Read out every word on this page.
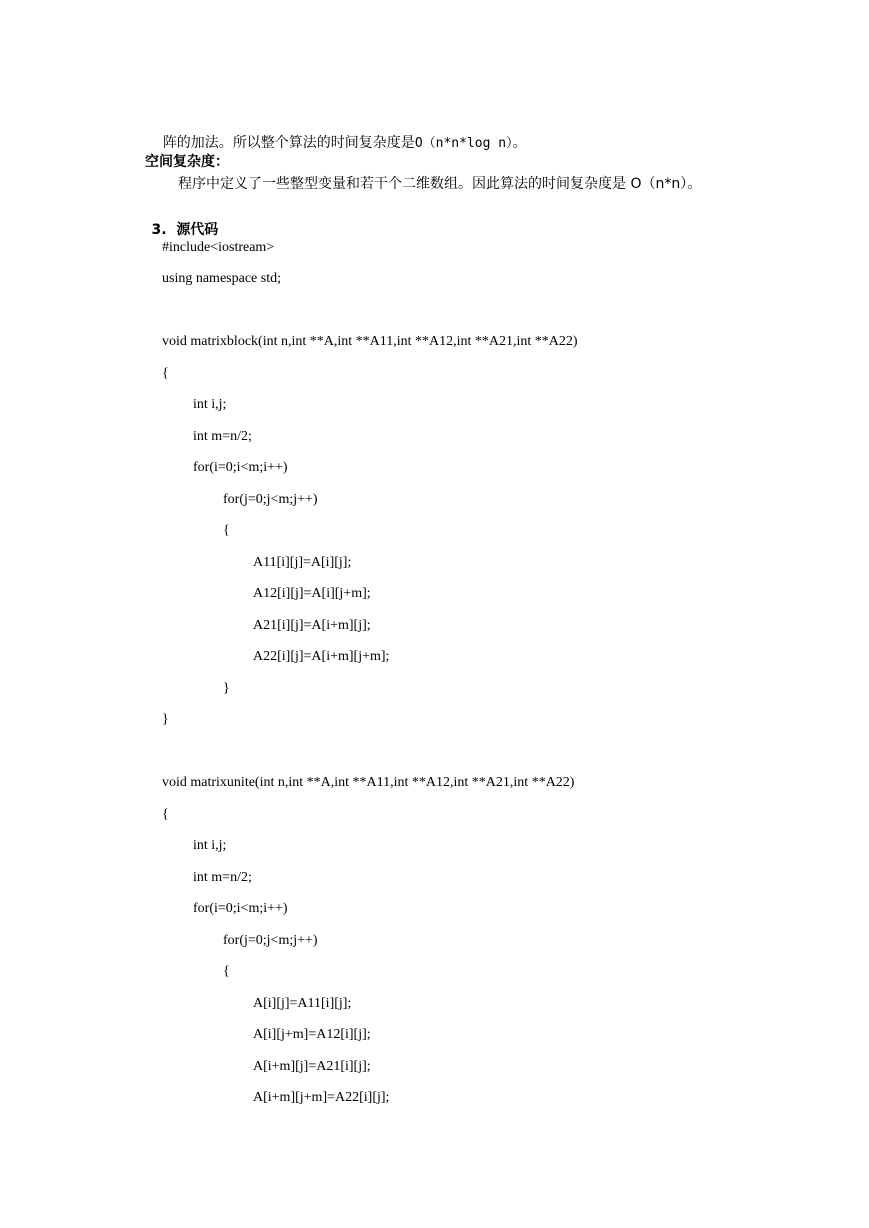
阵的加法。所以整个算法的时间复杂度是O（n*n*log n）。

空间复杂度：
程序中定义了一些整型变量和若干个二维数组。因此算法的时间复杂度是 O（n*n）。

3. 源代码

#include<iostream>
using namespace std;
void matrixblock(int n,int **A,int **A11,int **A12,int **A21,int **A22)
{
int i,j;
int m=n/2;
for(i=0;i<m;i++)
for(j=0;j<m;j++)
{
A11[i][j]=A[i][j];
A12[i][j]=A[i][j+m];
A21[i][j]=A[i+m][j];
A22[i][j]=A[i+m][j+m];
}
}
void matrixunite(int n,int **A,int **A11,int **A12,int **A21,int **A22)
{
int i,j;
int m=n/2;
for(i=0;i<m;i++)
for(j=0;j<m;j++)
{
A[i][j]=A11[i][j];
A[i][j+m]=A12[i][j];
A[i+m][j]=A21[i][j];
A[i+m][j+m]=A22[i][j];
